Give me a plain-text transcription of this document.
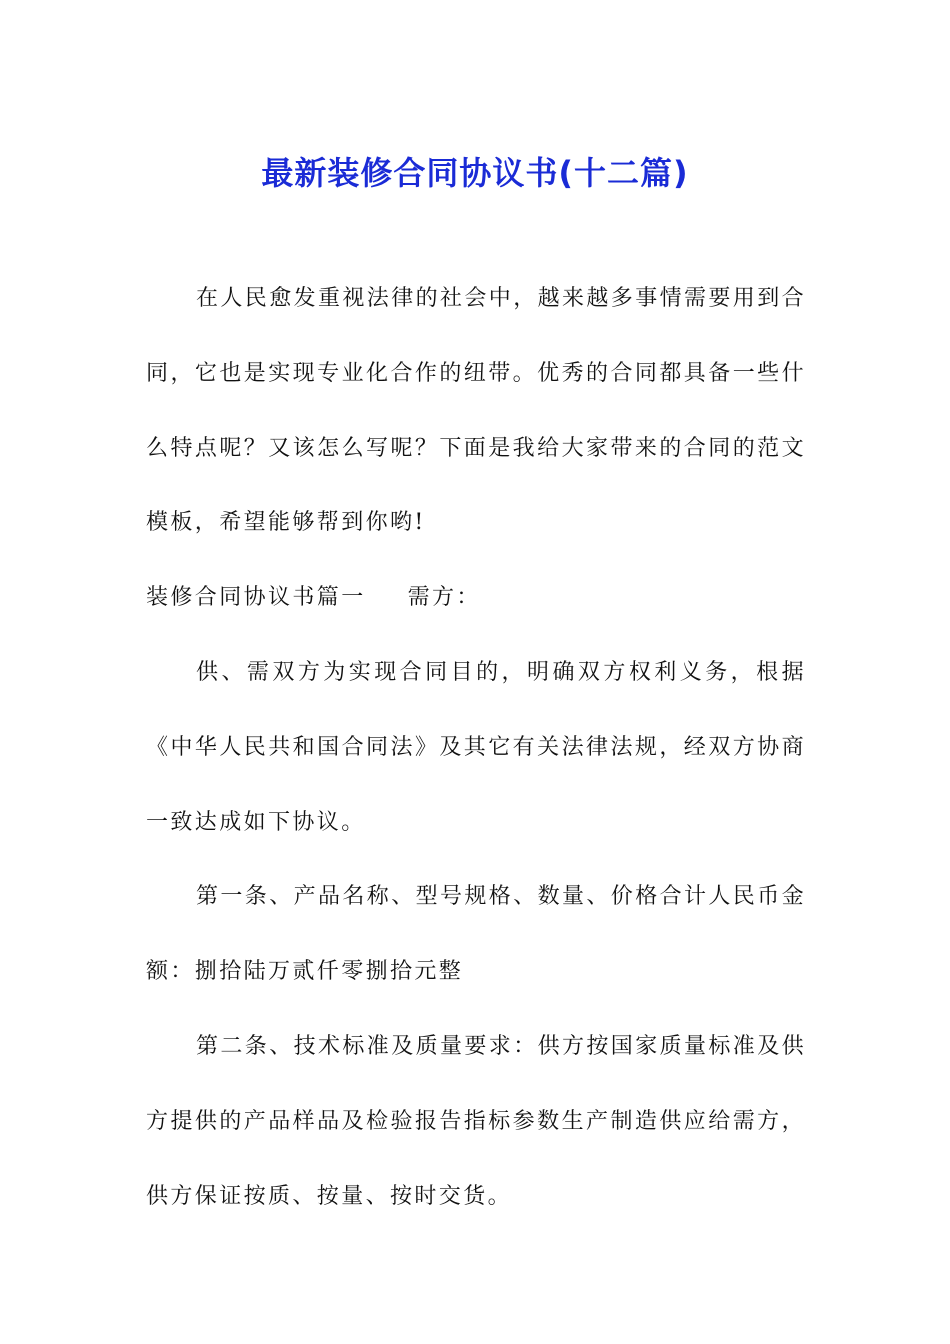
最新装修合同协议书(十二篇)

在人民愈发重视法律的社会中，越来越多事情需要用到合同，它也是实现专业化合作的纽带。优秀的合同都具备一些什么特点呢？又该怎么写呢？下面是我给大家带来的合同的范文模板，希望能够帮到你哟!

装修合同协议书篇一 需方：

供、需双方为实现合同目的，明确双方权利义务，根据《中华人民共和国合同法》及其它有关法律法规，经双方协商一致达成如下协议。

第一条、产品名称、型号规格、数量、价格合计人民币金额：捌拾陆万贰仟零捌拾元整

第二条、技术标准及质量要求：供方按国家质量标准及供方提供的产品样品及检验报告指标参数生产制造供应给需方，供方保证按质、按量、按时交货。
